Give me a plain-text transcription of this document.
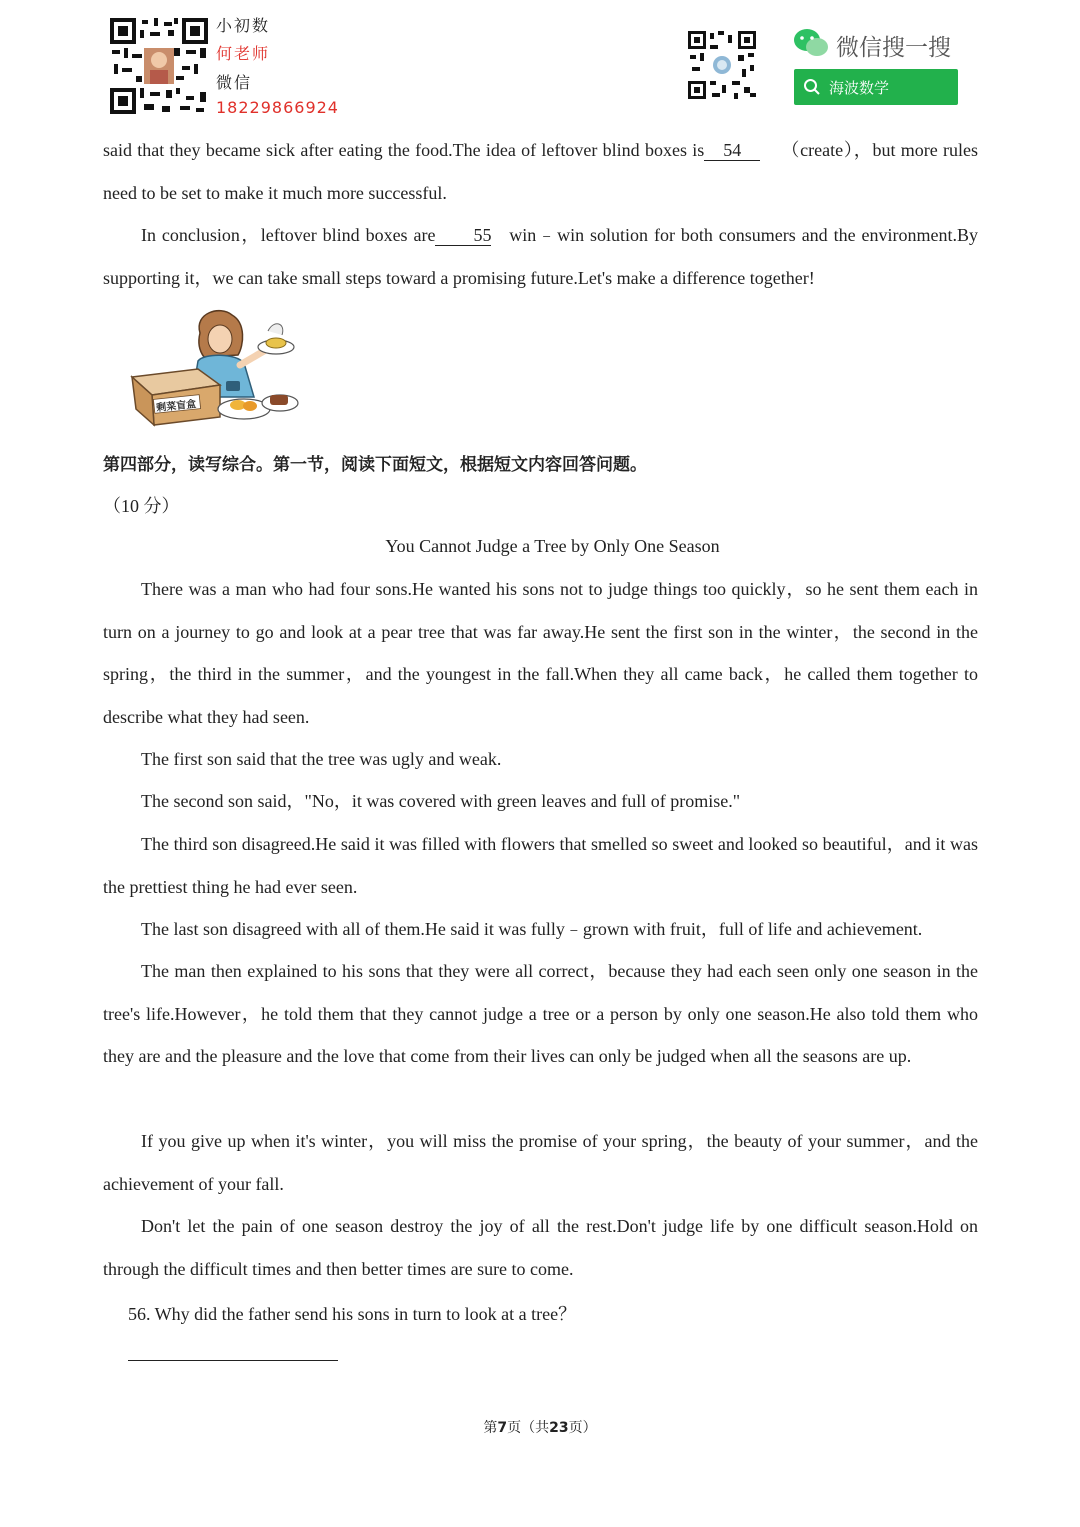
小初数
何老师
微信
18229866924
微信搜一搜
海波数学
said that they became sick after eating the food.The idea of leftover blind boxes is 54 （create），but more rules need to be set to make it much more successful.
In conclusion，leftover blind boxes are 55 win﹣win solution for both consumers and the environment.By supporting it，we can take small steps toward a promising future.Let's make a difference together!
剩菜盲盒
第四部分，读写综合。第一节，阅读下面短文，根据短文内容回答问题。
（10 分）
You Cannot Judge a Tree by Only One Season
There was a man who had four sons.He wanted his sons not to judge things too quickly，so he sent them each in turn on a journey to go and look at a pear tree that was far away.He sent the first son in the winter，the second in the spring，the third in the summer，and the youngest in the fall.When they all came back，he called them together to describe what they had seen.
The first son said that the tree was ugly and weak.
The second son said，"No，it was covered with green leaves and full of promise."
The third son disagreed.He said it was filled with flowers that smelled so sweet and looked so beautiful，and it was the prettiest thing he had ever seen.
The last son disagreed with all of them.He said it was fully﹣grown with fruit，full of life and achievement.
The man then explained to his sons that they were all correct，because they had each seen only one season in the tree's life.However，he told them that they cannot judge a tree or a person by only one season.He also told them who they are and the pleasure and the love that come from their lives can only be judged when all the seasons are up.
If you give up when it's winter，you will miss the promise of your spring，the beauty of your summer，and the achievement of your fall.
Don't let the pain of one season destroy the joy of all the rest.Don't judge life by one difficult season.Hold on through the difficult times and then better times are sure to come.
56. Why did the father send his sons in turn to look at a tree？
第7页（共23页）
